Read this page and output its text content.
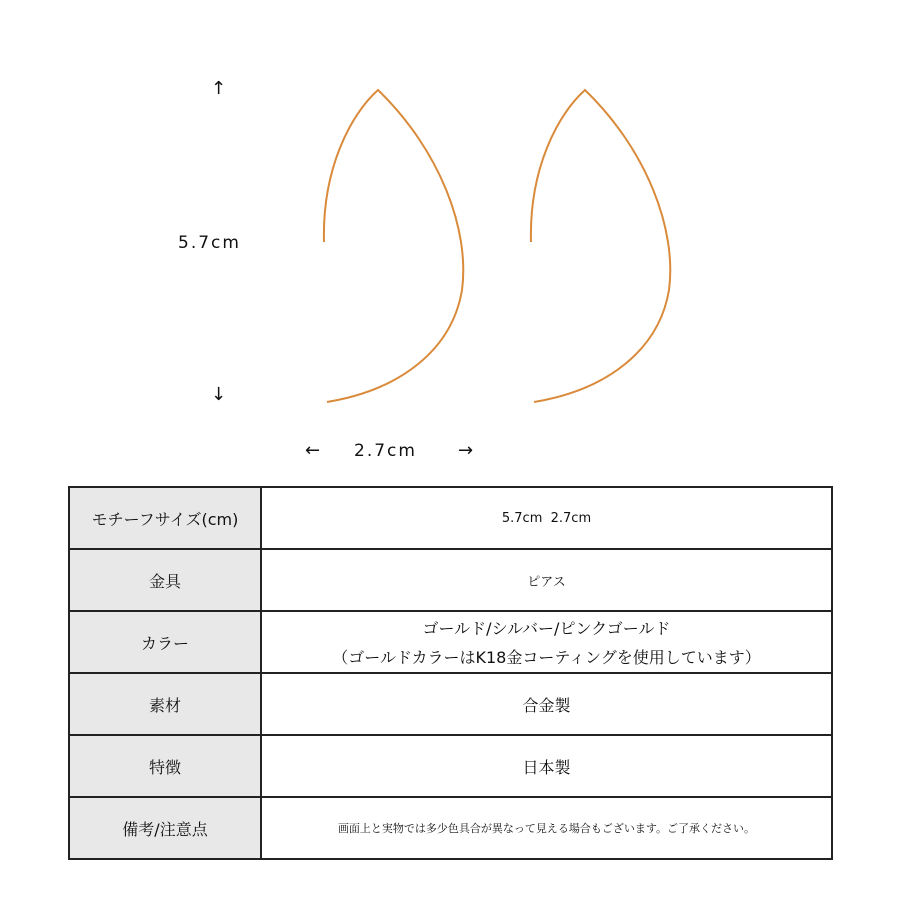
↑
5.7cm
↓
← 2.7cm →
モチーフサイズ(cm)	5.7cm  2.7cm
金具	ピアス
カラー	ゴールド/シルバー/ピンクゴールド
（ゴールドカラーはK18金コーティングを使用しています）

素材	合金製
特徴	日本製
備考/注意点	画面上と実物では多少色具合が異なって見える場合もございます。ご了承ください。
